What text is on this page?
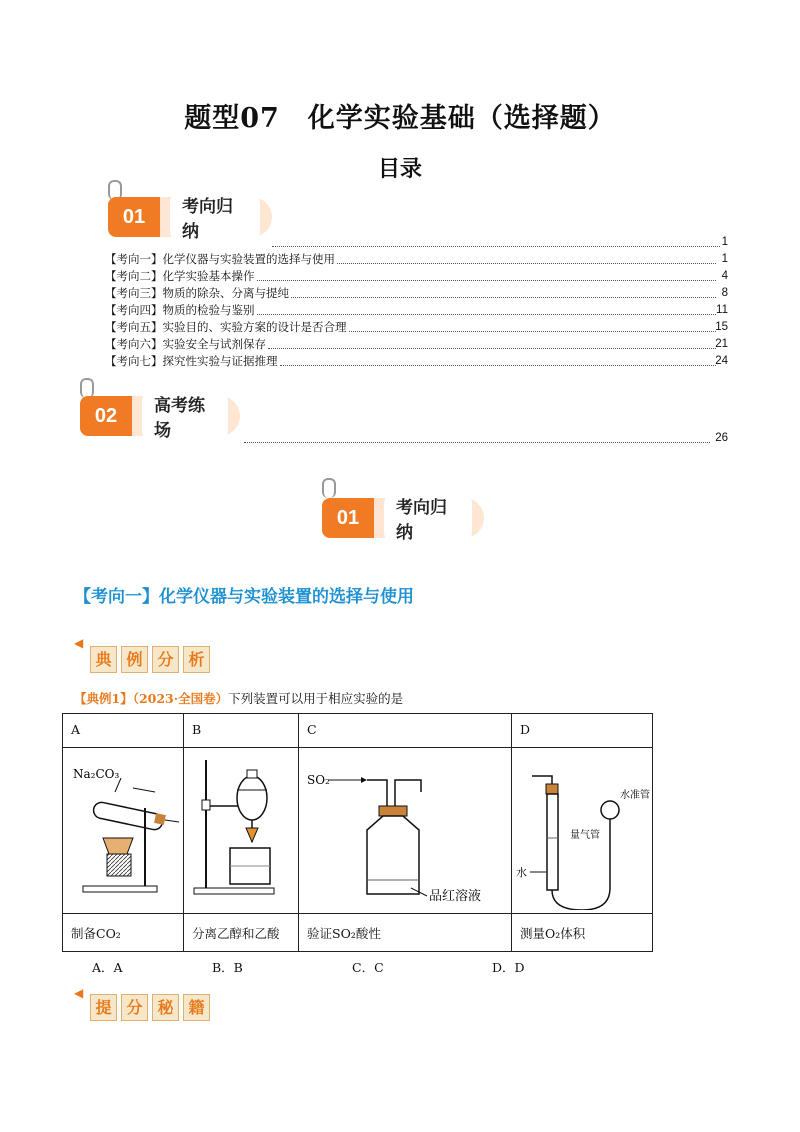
题型07　化学实验基础（选择题）
目录
01	考向归纳	1
【考向一】化学仪器与实验装置的选择与使用	1
【考向二】化学实验基本操作	4
【考向三】物质的除杂、分离与提纯	8
【考向四】物质的检验与鉴别	11
【考向五】实验目的、实验方案的设计是否合理	15
【考向六】实验安全与试剂保存	21
【考向七】探究性实验与证据推理	24
02	高考练场	26
01	考向归纳
【考向一】化学仪器与实验装置的选择与使用
◀
典 例 分 析
【典例1】（2023·全国卷）下列装置可以用于相应实验的是
A	B	C	D

Na₂CO₃		SO₂
品红溶液	水
量气管
水准管

制备CO₂	分离乙醇和乙酸	验证SO₂酸性	测量O₂体积
A．A	B．B	C．C	D．D
◀
提 分 秘 籍
